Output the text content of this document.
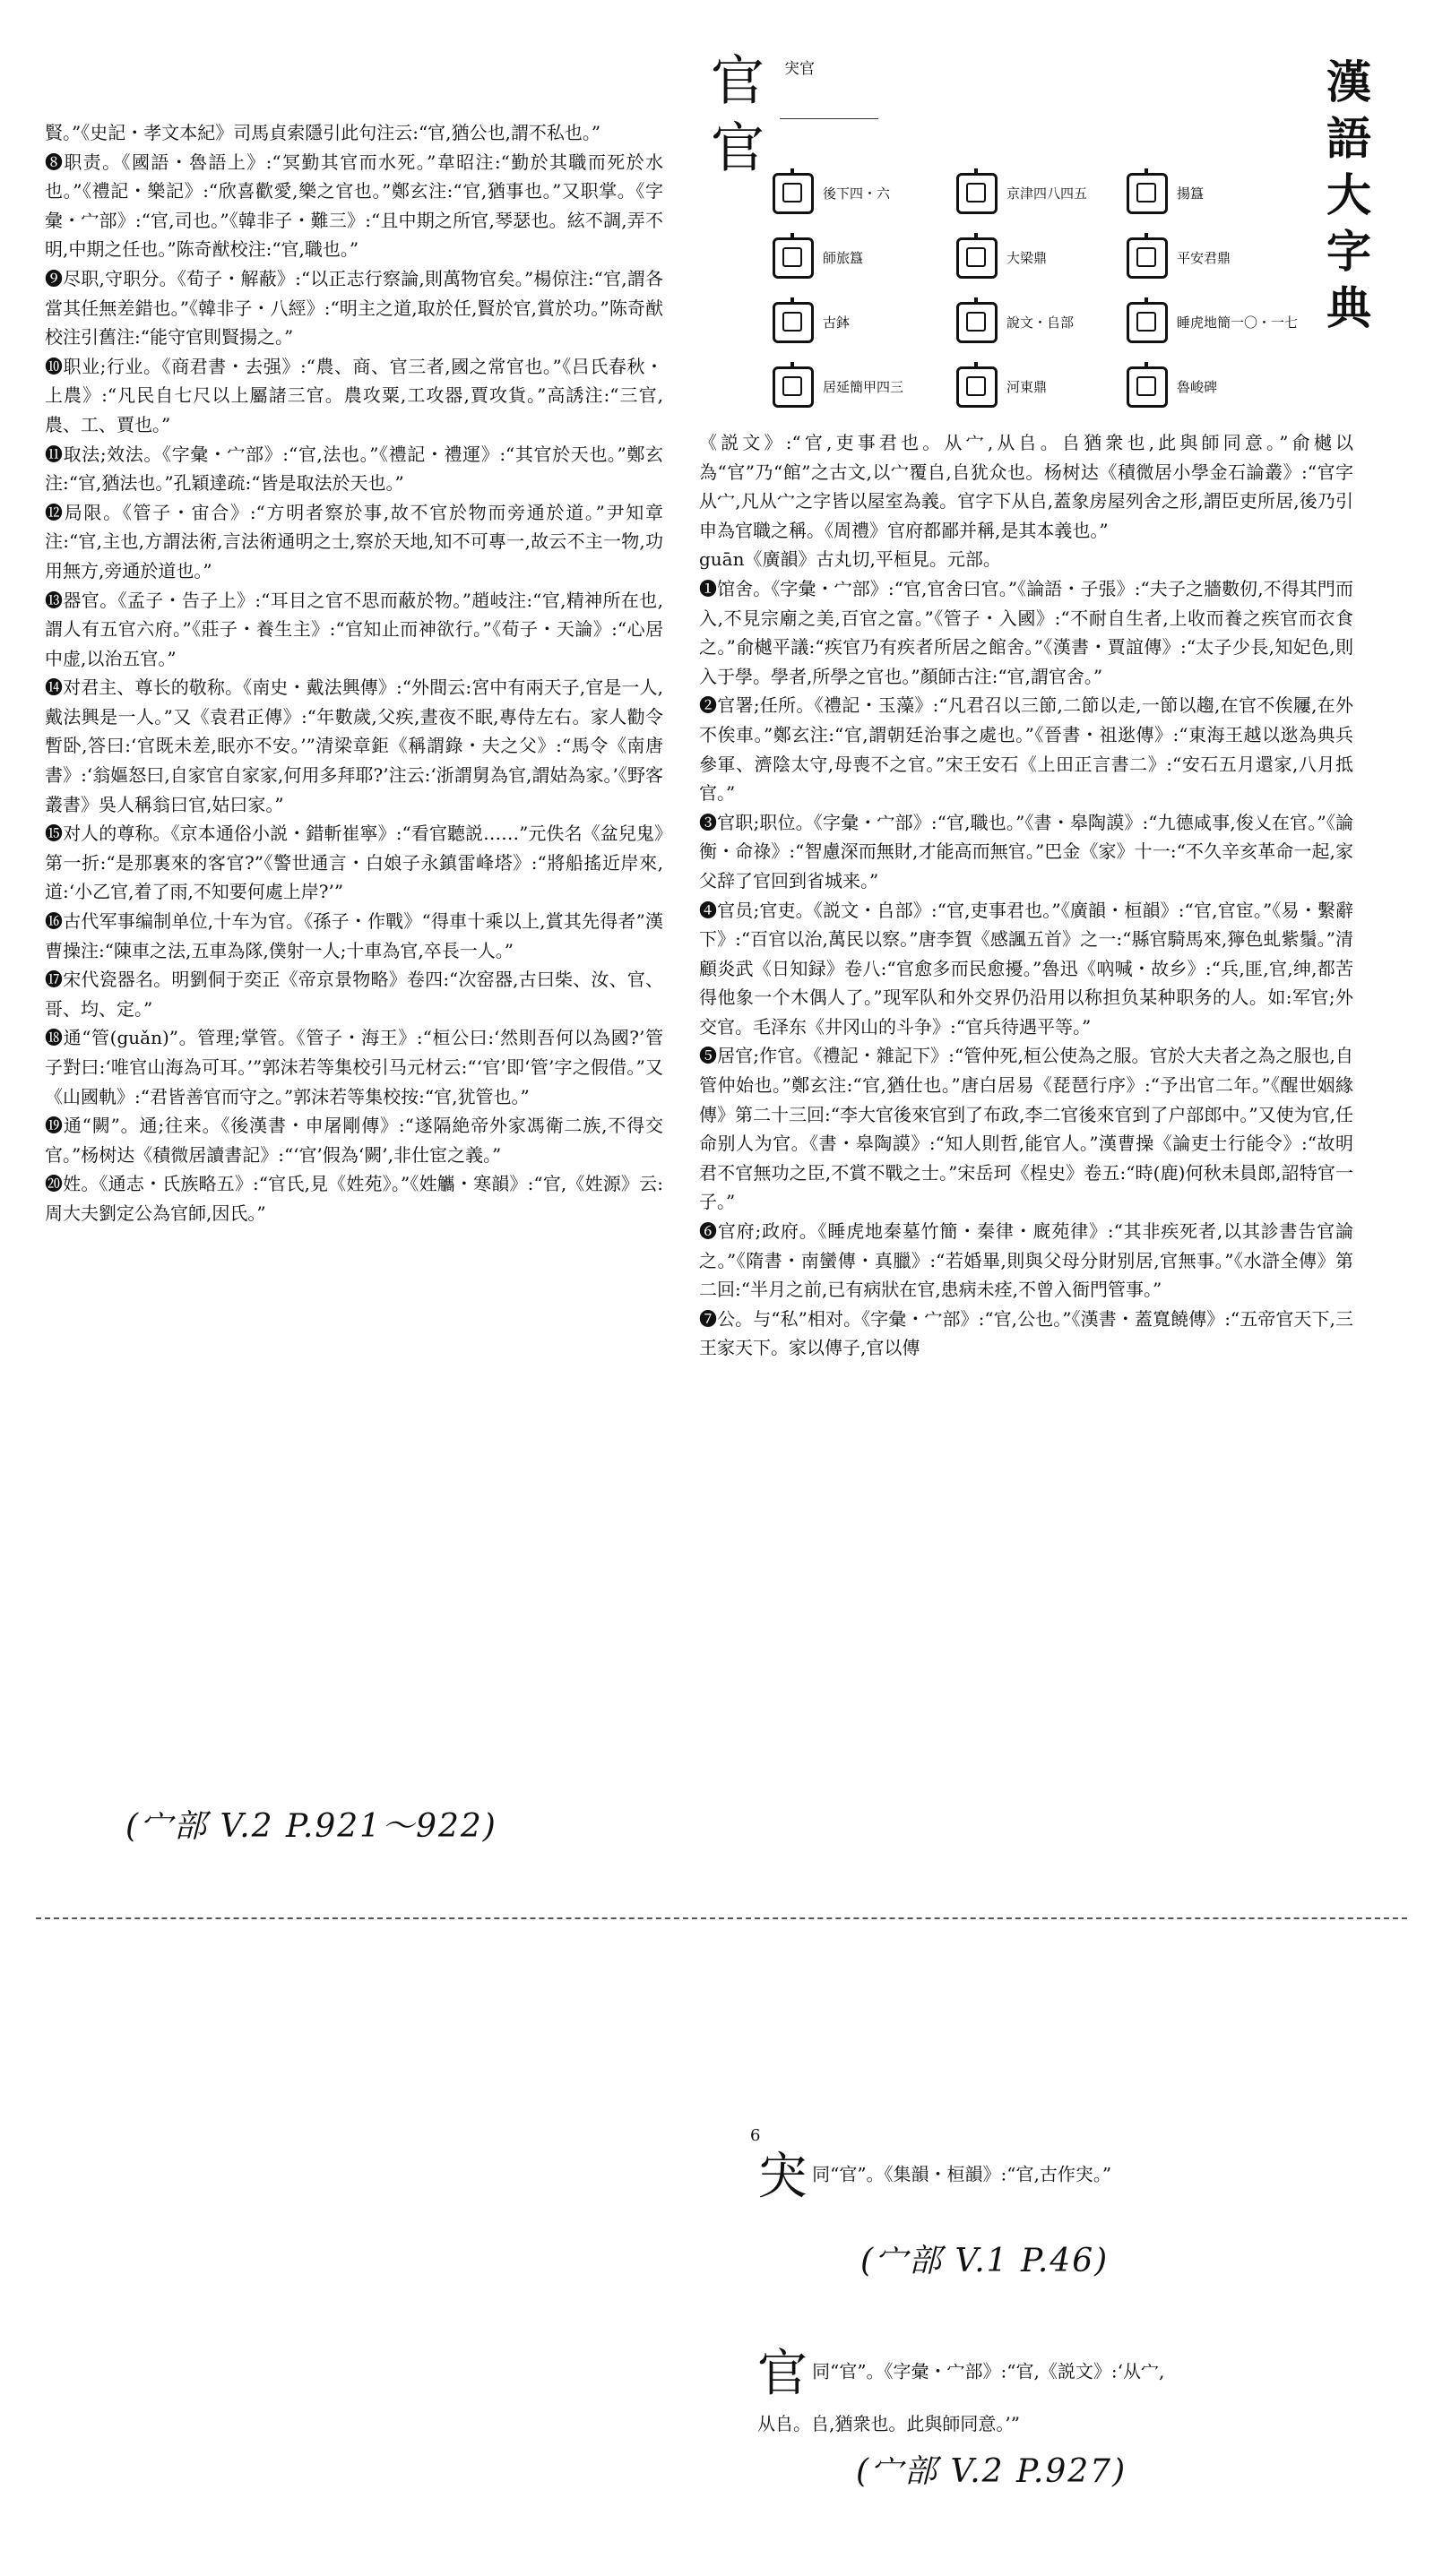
官 宊官
官
後下四・六	京津四八四五	揚簋
師旅簋	大梁鼎	平安君鼎
古鉢	說文・𠂤部	睡虎地簡一〇・一七
居延簡甲四三	河東鼎	魯峻碑
漢
語
大
字
典

賢。”《史記・孝文本紀》司馬貞索隱引此句注云:“官,猶公也,謂不私也。”

❽职责。《國語・魯語上》:“冥勤其官而水死。”韋昭注:“勤於其職而死於水也。”《禮記・樂記》:“欣喜歡愛,樂之官也。”鄭玄注:“官,猶事也。”又职掌。《字彙・宀部》:“官,司也。”《韓非子・難三》:“且中期之所官,琴瑟也。絃不調,弄不明,中期之任也。”陈奇猷校注:“官,職也。”

❾尽职,守职分。《荀子・解蔽》:“以正志行察論,則萬物官矣。”楊倞注:“官,謂各當其任無差錯也。”《韓非子・八經》:“明主之道,取於任,賢於官,賞於功。”陈奇猷校注引舊注:“能守官則賢揚之。”

❿职业;行业。《商君書・去强》:“農、商、官三者,國之常官也。”《吕氏春秋・上農》:“凡民自七尺以上屬諸三官。農攻粟,工攻器,賈攻貨。”高誘注:“三官,農、工、賈也。”

⓫取法;效法。《字彙・宀部》:“官,法也。”《禮記・禮運》:“其官於天也。”鄭玄注:“官,猶法也。”孔穎達疏:“皆是取法於天也。”

⓬局限。《管子・宙合》:“方明者察於事,故不官於物而旁通於道。”尹知章注:“官,主也,方謂法術,言法術通明之士,察於天地,知不可專一,故云不主一物,功用無方,旁通於道也。”

⓭器官。《孟子・告子上》:“耳目之官不思而蔽於物。”趙岐注:“官,精神所在也,謂人有五官六府。”《莊子・養生主》:“官知止而神欲行。”《荀子・天論》:“心居中虚,以治五官。”

⓮对君主、尊长的敬称。《南史・戴法興傳》:“外間云:宮中有兩天子,官是一人,戴法興是一人。”又《袁君正傳》:“年數歲,父疾,晝夜不眠,專侍左右。家人勸令暫卧,答曰:‘官既未差,眠亦不安。’”清梁章鉅《稱謂錄・夫之父》:“馬令《南唐書》:‘翁嫗怒曰,自家官自家家,何用多拜耶?’注云:‘浙謂舅為官,謂姑為家。’《野客叢書》吳人稱翁曰官,姑曰家。”

⓯对人的尊称。《京本通俗小説・錯斬崔寧》:“看官聽説……”元佚名《盆兒鬼》第一折:“是那裏來的客官?”《警世通言・白娘子永鎮雷峰塔》:“將船搖近岸來,道:‘小乙官,着了雨,不知要何處上岸?’”

⓰古代军事编制单位,十车为官。《孫子・作戰》“得車十乘以上,賞其先得者”漢曹操注:“陳車之法,五車為隊,僕射一人;十車為官,卒長一人。”

⓱宋代瓷器名。明劉侗于奕正《帝京景物略》卷四:“次窑器,古曰柴、汝、官、哥、均、定。”

⓲通“管(guǎn)”。管理;掌管。《管子・海王》:“桓公曰:‘然則吾何以為國?’管子對曰:‘唯官山海為可耳。’”郭沫若等集校引马元材云:“‘官’即‘管’字之假借。”又《山國軌》:“君皆善官而守之。”郭沫若等集校按:“官,犹管也。”

⓳通“闕”。通;往来。《後漢書・申屠剛傳》:“遂隔絶帝外家馮衛二族,不得交官。”杨树达《積微居讀書記》:“‘官’假為‘闕’,非仕宦之義。”

⓴姓。《通志・氏族略五》:“官氏,見《姓苑》。”《姓觿・寒韻》:“官,《姓源》云:周大夫劉定公為官師,因氏。”

(宀部 V.2 P.921～922)

《説文》:“官,吏事君也。从宀,从𠂤。𠂤猶衆也,此與師同意。”俞樾以為“官”乃“館”之古文,以宀覆𠂤,𠂤犹众也。杨树达《積微居小學金石論叢》:“官字从宀,凡从宀之字皆以屋室為義。官字下从𠂤,蓋象房屋列舍之形,謂臣吏所居,後乃引申為官職之稱。《周禮》官府都鄙并稱,是其本義也。”

guān《廣韻》古丸切,平桓見。元部。

❶馆舍。《字彙・宀部》:“官,官舍曰官。”《論語・子張》:“夫子之牆數仞,不得其門而入,不見宗廟之美,百官之富。”《管子・入國》:“不耐自生者,上收而養之疾官而衣食之。”俞樾平議:“疾官乃有疾者所居之館舍。”《漢書・賈誼傳》:“太子少長,知妃色,則入于學。學者,所學之官也。”顏師古注:“官,謂官舍。”

❷官署;任所。《禮記・玉藻》:“凡君召以三節,二節以走,一節以趨,在官不俟屨,在外不俟車。”鄭玄注:“官,謂朝廷治事之處也。”《晉書・祖逖傳》:“東海王越以逖為典兵參軍、濟陰太守,母喪不之官。”宋王安石《上田正言書二》:“安石五月還家,八月抵官。”

❸官职;职位。《字彙・宀部》:“官,職也。”《書・皋陶謨》:“九德咸事,俊乂在官。”《論衡・命祿》:“智慮深而無財,才能高而無官。”巴金《家》十一:“不久辛亥革命一起,家父辞了官回到省城来。”

❹官员;官吏。《説文・𠂤部》:“官,吏事君也。”《廣韻・桓韻》:“官,官宦。”《易・繫辭下》:“百官以治,萬民以察。”唐李賀《感諷五首》之一:“縣官騎馬來,獰色虬紫鬚。”清顧炎武《日知録》卷八:“官愈多而民愈擾。”魯迅《吶喊・故乡》:“兵,匪,官,绅,都苦得他象一个木偶人了。”现军队和外交界仍沿用以称担负某种职务的人。如:军官;外交官。毛泽东《井冈山的斗争》:“官兵待遇平等。”

❺居官;作官。《禮記・雜記下》:“管仲死,桓公使為之服。官於大夫者之為之服也,自管仲始也。”鄭玄注:“官,猶仕也。”唐白居易《琵琶行序》:“予出官二年。”《醒世姻緣傳》第二十三回:“李大官後來官到了布政,李二官後來官到了户部郎中。”又使为官,任命别人为官。《書・皋陶謨》:“知人則哲,能官人。”漢曹操《論吏士行能令》:“故明君不官無功之臣,不賞不戰之士。”宋岳珂《桯史》卷五:“時(鹿)何秋未員郎,詔特官一子。”

❻官府;政府。《睡虎地秦墓竹簡・秦律・廐苑律》:“其非疾死者,以其診書告官論之。”《隋書・南蠻傳・真臘》:“若婚畢,則與父母分財别居,官無事。”《水滸全傳》第二回:“半月之前,已有病狀在官,患病未痊,不曾入衙門管事。”

❼公。与“私”相对。《字彙・宀部》:“官,公也。”《漢書・蓋寬饒傳》:“五帝官天下,三王家天下。家以傳子,官以傳

6
宊 同“官”。《集韻・桓韻》:“官,古作宊。”
(宀部 V.1 P.46)
官 同“官”。《字彙・宀部》:“官,《説文》:‘从宀,
从𠂤。𠂤,猶衆也。此與師同意。’”
(宀部 V.2 P.927)
